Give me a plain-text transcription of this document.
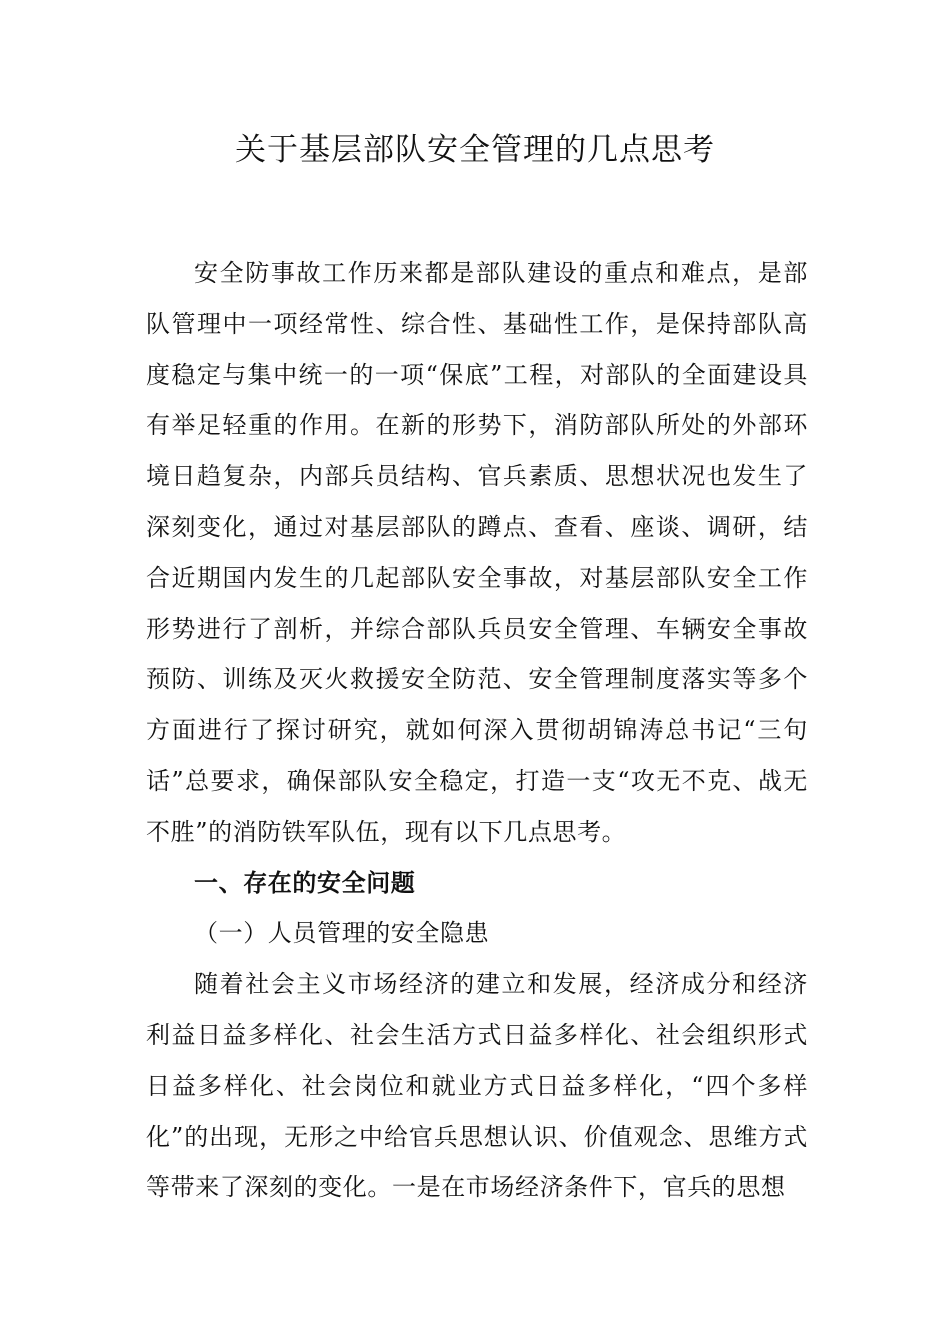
关于基层部队安全管理的几点思考

安全防事故工作历来都是部队建设的重点和难点，是部队管理中一项经常性、综合性、基础性工作，是保持部队高度稳定与集中统一的一项“保底”工程，对部队的全面建设具有举足轻重的作用。在新的形势下，消防部队所处的外部环境日趋复杂，内部兵员结构、官兵素质、思想状况也发生了深刻变化，通过对基层部队的蹲点、查看、座谈、调研，结合近期国内发生的几起部队安全事故，对基层部队安全工作形势进行了剖析，并综合部队兵员安全管理、车辆安全事故预防、训练及灭火救援安全防范、安全管理制度落实等多个方面进行了探讨研究，就如何深入贯彻胡锦涛总书记“三句话”总要求，确保部队安全稳定，打造一支“攻无不克、战无不胜”的消防铁军队伍，现有以下几点思考。

一、存在的安全问题

（一）人员管理的安全隐患

随着社会主义市场经济的建立和发展，经济成分和经济利益日益多样化、社会生活方式日益多样化、社会组织形式日益多样化、社会岗位和就业方式日益多样化，“四个多样化”的出现，无形之中给官兵思想认识、价值观念、思维方式等带来了深刻的变化。一是在市场经济条件下，官兵的思想
